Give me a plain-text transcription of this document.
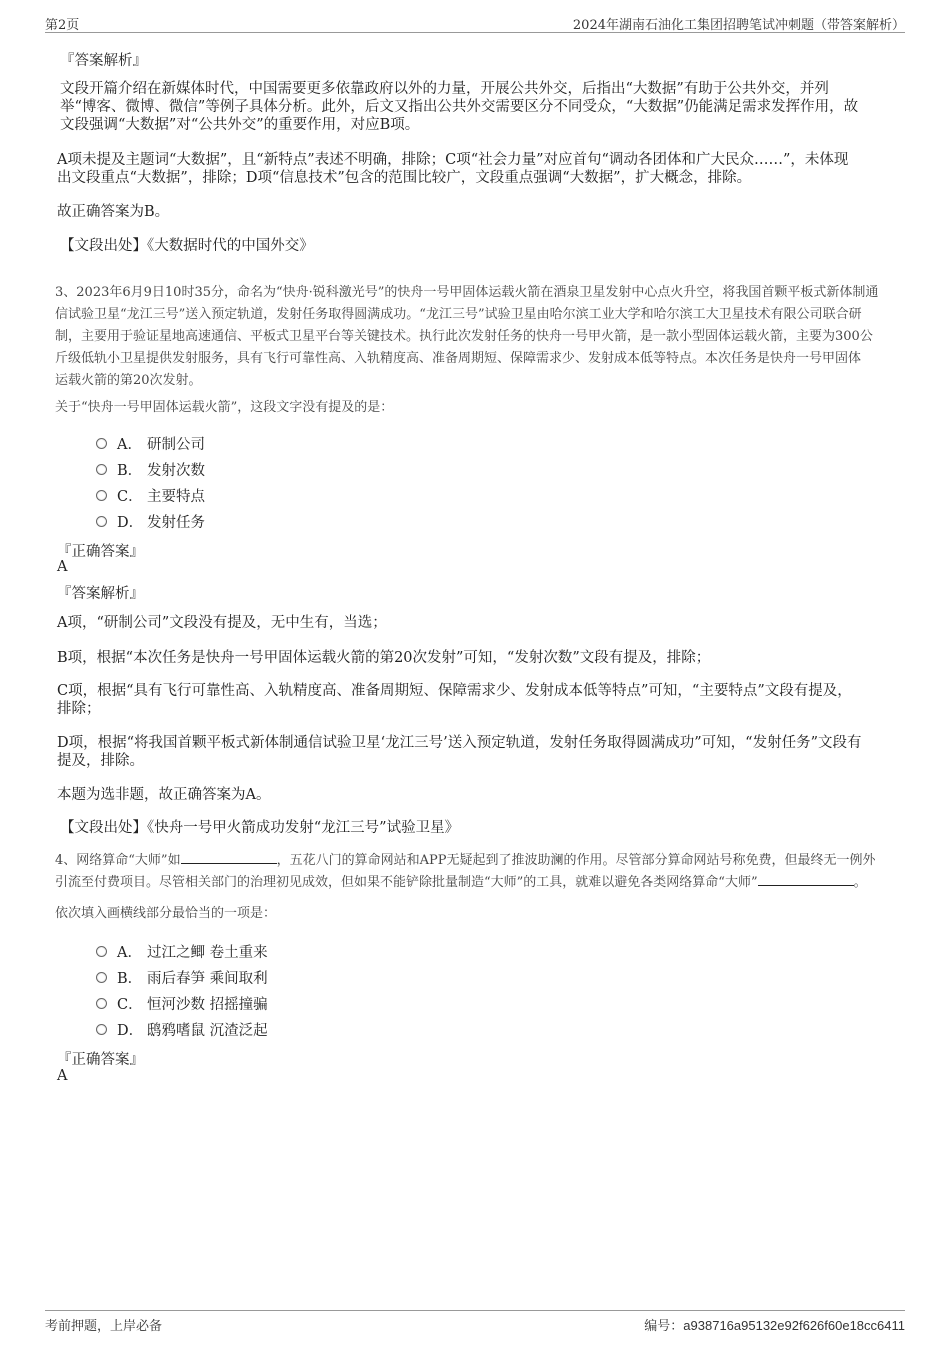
第2页	2024年湖南石油化工集团招聘笔试冲刺题（带答案解析）
『答案解析』
文段开篇介绍在新媒体时代，中国需要更多依靠政府以外的力量，开展公共外交，后指出“大数据”有助于公共外交，并列
举“博客、微博、微信”等例子具体分析。此外，后文又指出公共外交需要区分不同受众，“大数据”仍能满足需求发挥作用，故
文段强调“大数据”对“公共外交”的重要作用，对应B项。
A项未提及主题词“大数据”，且“新特点”表述不明确，排除；C项“社会力量”对应首句“调动各团体和广大民众……”，未体现
出文段重点“大数据”，排除；D项“信息技术”包含的范围比较广，文段重点强调“大数据”，扩大概念，排除。
故正确答案为B。
【文段出处】《大数据时代的中国外交》
3、2023年6月9日10时35分，命名为“快舟·锐科激光号”的快舟一号甲固体运载火箭在酒泉卫星发射中心点火升空，将我国首颗平板式新体制通
信试验卫星“龙江三号”送入预定轨道，发射任务取得圆满成功。“龙江三号”试验卫星由哈尔滨工业大学和哈尔滨工大卫星技术有限公司联合研
制，主要用于验证星地高速通信、平板式卫星平台等关键技术。执行此次发射任务的快舟一号甲火箭，是一款小型固体运载火箭，主要为300公
斤级低轨小卫星提供发射服务，具有飞行可靠性高、入轨精度高、准备周期短、保障需求少、发射成本低等特点。本次任务是快舟一号甲固体
运载火箭的第20次发射。
关于“快舟一号甲固体运载火箭”，这段文字没有提及的是：
A． 研制公司
B． 发射次数
C． 主要特点
D． 发射任务
『正确答案』
A
『答案解析』
A项，“研制公司”文段没有提及，无中生有，当选；
B项，根据“本次任务是快舟一号甲固体运载火箭的第20次发射”可知，“发射次数”文段有提及，排除；
C项，根据“具有飞行可靠性高、入轨精度高、准备周期短、保障需求少、发射成本低等特点”可知，“主要特点”文段有提及，
排除；
D项，根据“将我国首颗平板式新体制通信试验卫星‘龙江三号’送入预定轨道，发射任务取得圆满成功”可知，“发射任务”文段有
提及，排除。
本题为选非题，故正确答案为A。
【文段出处】《快舟一号甲火箭成功发射“龙江三号”试验卫星》
4、网络算命“大师”如	，五花八门的算命网站和APP无疑起到了推波助澜的作用。尽管部分算命网站号称免费，但最终无一例外
引流至付费项目。尽管相关部门的治理初见成效，但如果不能铲除批量制造“大师”的工具，就难以避免各类网络算命“大师”	。
依次填入画横线部分最恰当的一项是：
A． 过江之鲫 卷土重来
B． 雨后春笋 乘间取利
C． 恒河沙数 招摇撞骗
D． 鸱鸦嗜鼠 沉渣泛起
『正确答案』
A
考前押题，上岸必备	编号：a938716a95132e92f626f60e18cc6411
